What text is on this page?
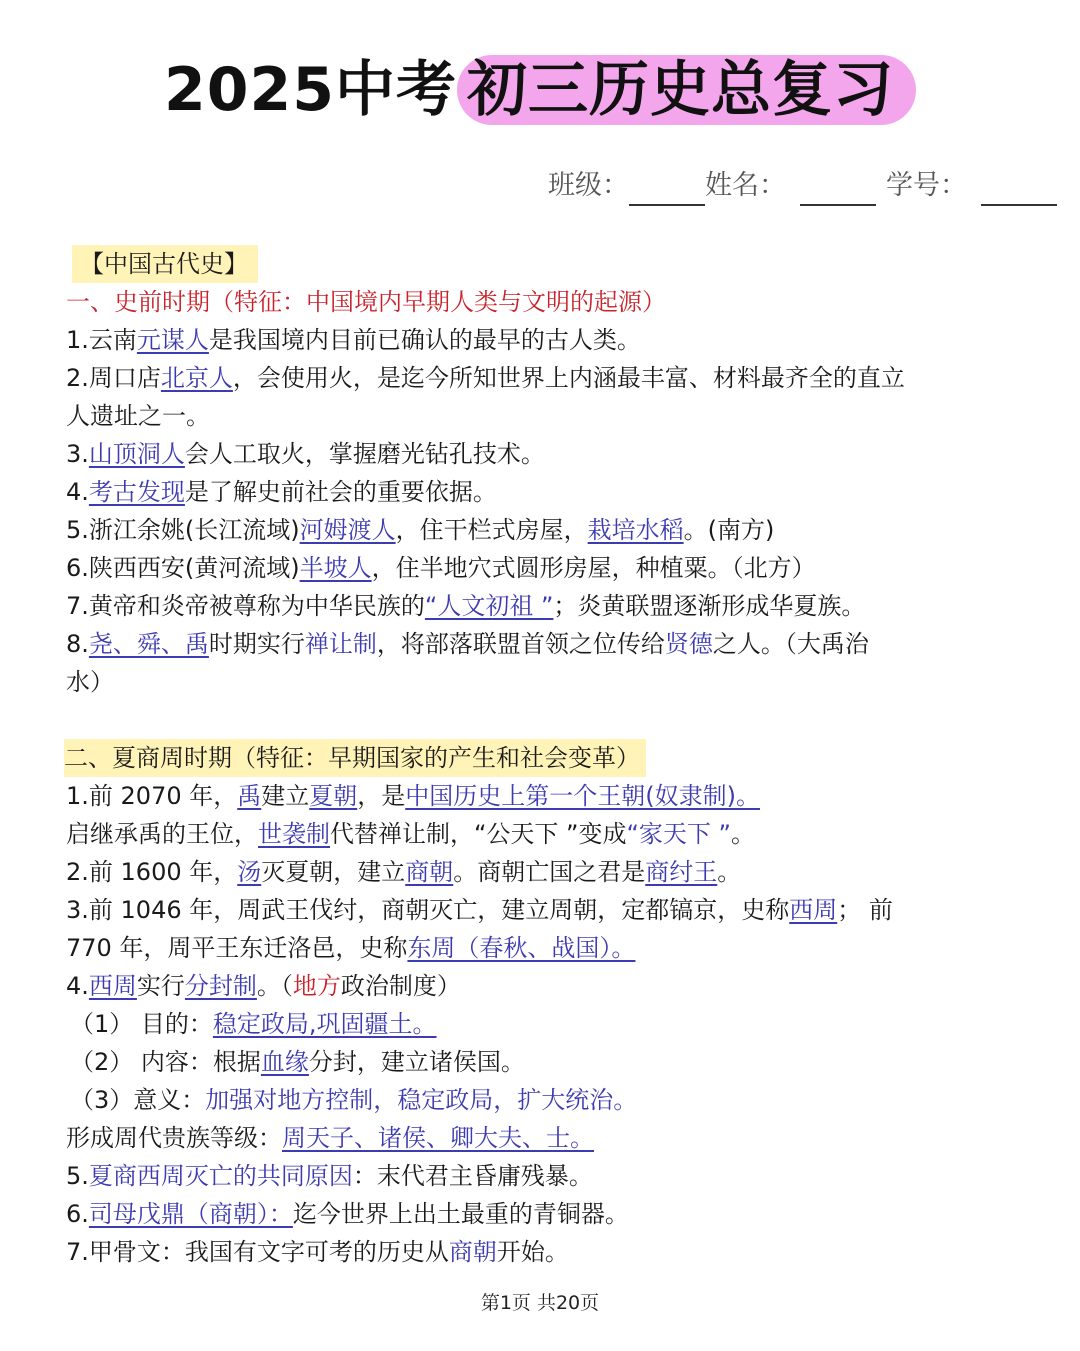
2025中考 初三历史总复习
班级：	姓名：	学号：

【中国古代史】

一、史前时期（特征：中国境内早期人类与文明的起源）

1.云南元谋人是我国境内目前已确认的最早的古人类。

2.周口店北京人，会使用火，是迄今所知世界上内涵最丰富、材料最齐全的直立
人遗址之一。

3.山顶洞人会人工取火，掌握磨光钻孔技术。

4.考古发现是了解史前社会的重要依据。

5.浙江余姚(长江流域)河姆渡人，住干栏式房屋，栽培水稻。(南方)

6.陕西西安(黄河流域)半坡人，住半地穴式圆形房屋，种植粟。（北方）

7.黄帝和炎帝被尊称为中华民族的“人文初祖 ”；炎黄联盟逐渐形成华夏族。

8.尧、舜、禹时期实行禅让制，将部落联盟首领之位传给贤德之人。（大禹治
水）

二、夏商周时期（特征：早期国家的产生和社会变革）

1.前 2070 年，禹建立夏朝，是中国历史上第一个王朝(奴隶制)。

启继承禹的王位，世袭制代替禅让制，“公天下 ”变成“家天下 ”。

2.前 1600 年，汤灭夏朝，建立商朝。商朝亡国之君是商纣王。

3.前 1046 年，周武王伐纣，商朝灭亡，建立周朝，定都镐京，史称西周； 前
770 年，周平王东迁洛邑，史称东周（春秋、战国）。

4.西周实行分封制。（地方政治制度）

（1） 目的：稳定政局,巩固疆土。

（2） 内容：根据血缘分封，建立诸侯国。

（3）意义：加强对地方控制，稳定政局，扩大统治。

形成周代贵族等级：周天子、诸侯、卿大夫、士。

5.夏商西周灭亡的共同原因：末代君主昏庸残暴。

6.司母戊鼎（商朝）：迄今世界上出土最重的青铜器。

7.甲骨文：我国有文字可考的历史从商朝开始。

第1页 共20页
